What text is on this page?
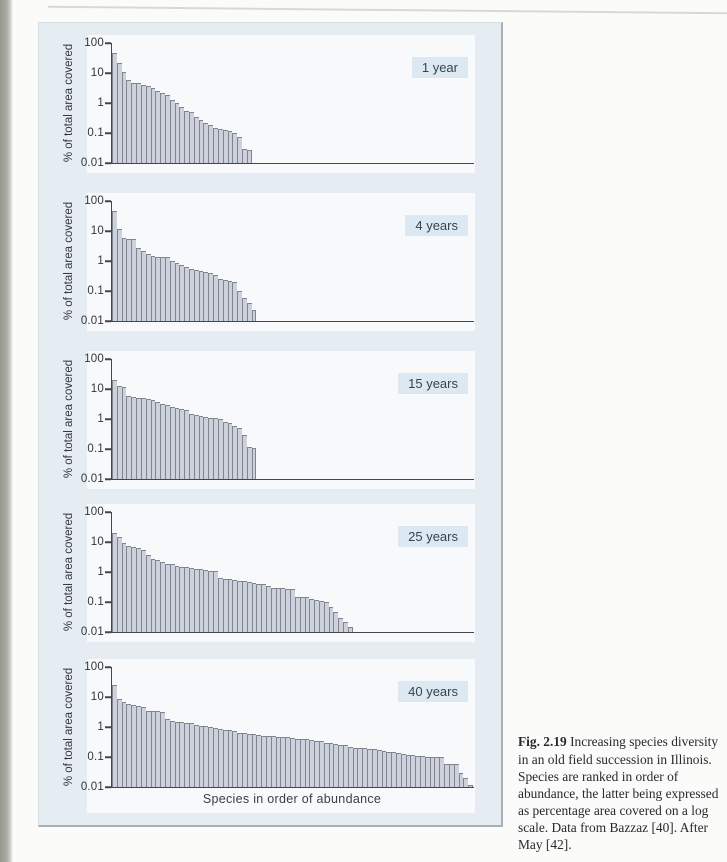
% of total area covered
100
10
1
0.1
0.01
1 year
% of total area covered
100
10
1
0.1
0.01
4 years
% of total area covered
100
10
1
0.1
0.01
15 years
% of total area covered
100
10
1
0.1
0.01
25 years
% of total area covered
100
10
1
0.1
0.01
40 years
Species in order of abundance

Fig. 2.19 Increasing species diversity in an old field succession in Illinois. Species are ranked in order of abundance, the latter being expressed as percentage area covered on a log scale. Data from Bazzaz [40]. After May [42].
